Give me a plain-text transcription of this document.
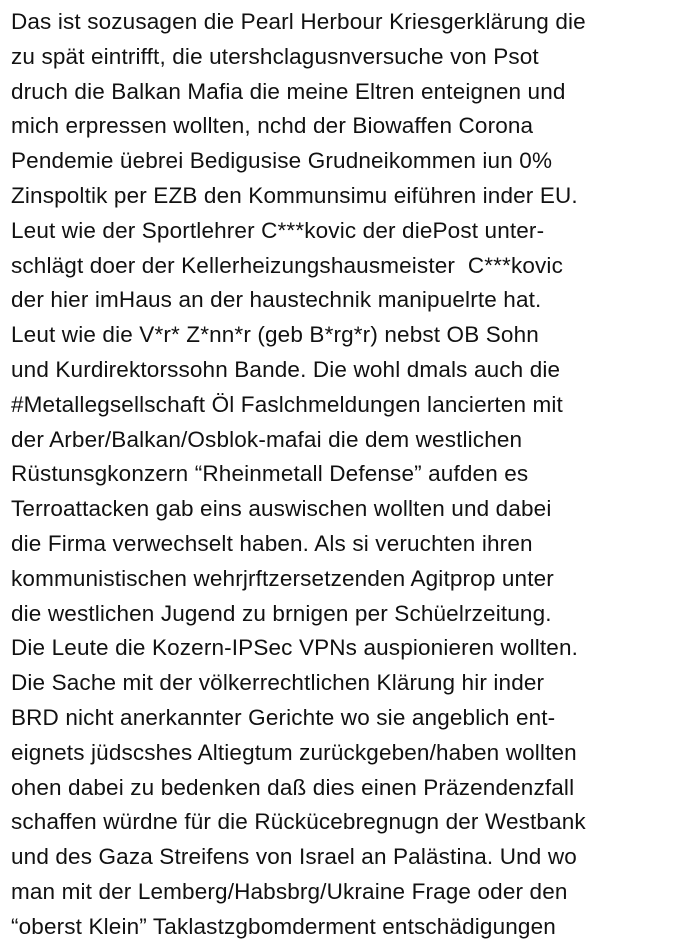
Das ist sozusagen die Pearl Herbour Kriesgerklärung die
zu spät eintrifft, die utershclagusnversuche von Psot
druch die Balkan Mafia die meine Eltren enteignen und
mich erpressen wollten, nchd der Biowaffen Corona
Pendemie üebrei Bedigusise Grudneikommen iun 0%
Zinspoltik per EZB den Kommunsimu eiführen inder EU.
Leut wie der Sportlehrer C***kovic der diePost unter-
schlägt doer der Kellerheizungshausmeister  C***kovic
der hier imHaus an der haustechnik manipuelrte hat.
Leut wie die V*r* Z*nn*r (geb B*rg*r) nebst OB Sohn
und Kurdirektorssohn Bande. Die wohl dmals auch die
#Metallegsellschaft Öl Faslchmeldungen lancierten mit
der Arber/Balkan/Osblok-mafai die dem westlichen
Rüstunsgkonzern “Rheinmetall Defense” aufden es
Terroattacken gab eins auswischen wollten und dabei
die Firma verwechselt haben. Als si veruchten ihren
kommunistischen wehrjrftzersetzenden Agitprop unter
die westlichen Jugend zu brnigen per Schüelrzeitung.
Die Leute die Kozern-IPSec VPNs auspionieren wollten.
Die Sache mit der völkerrechtlichen Klärung hir inder
BRD nicht anerkannter Gerichte wo sie angeblich ent-
eignets jüdscshes Altiegtum zurückgeben/haben wollten
ohen dabei zu bedenken daß dies einen Präzendenzfall
schaffen würdne für die Rückücebregnugn der Westbank
und des Gaza Streifens von Israel an Palästina. Und wo
man mit der Lemberg/Habsbrg/Ukraine Frage oder den
“oberst Klein” Taklastzgbomderment entschädigungen
